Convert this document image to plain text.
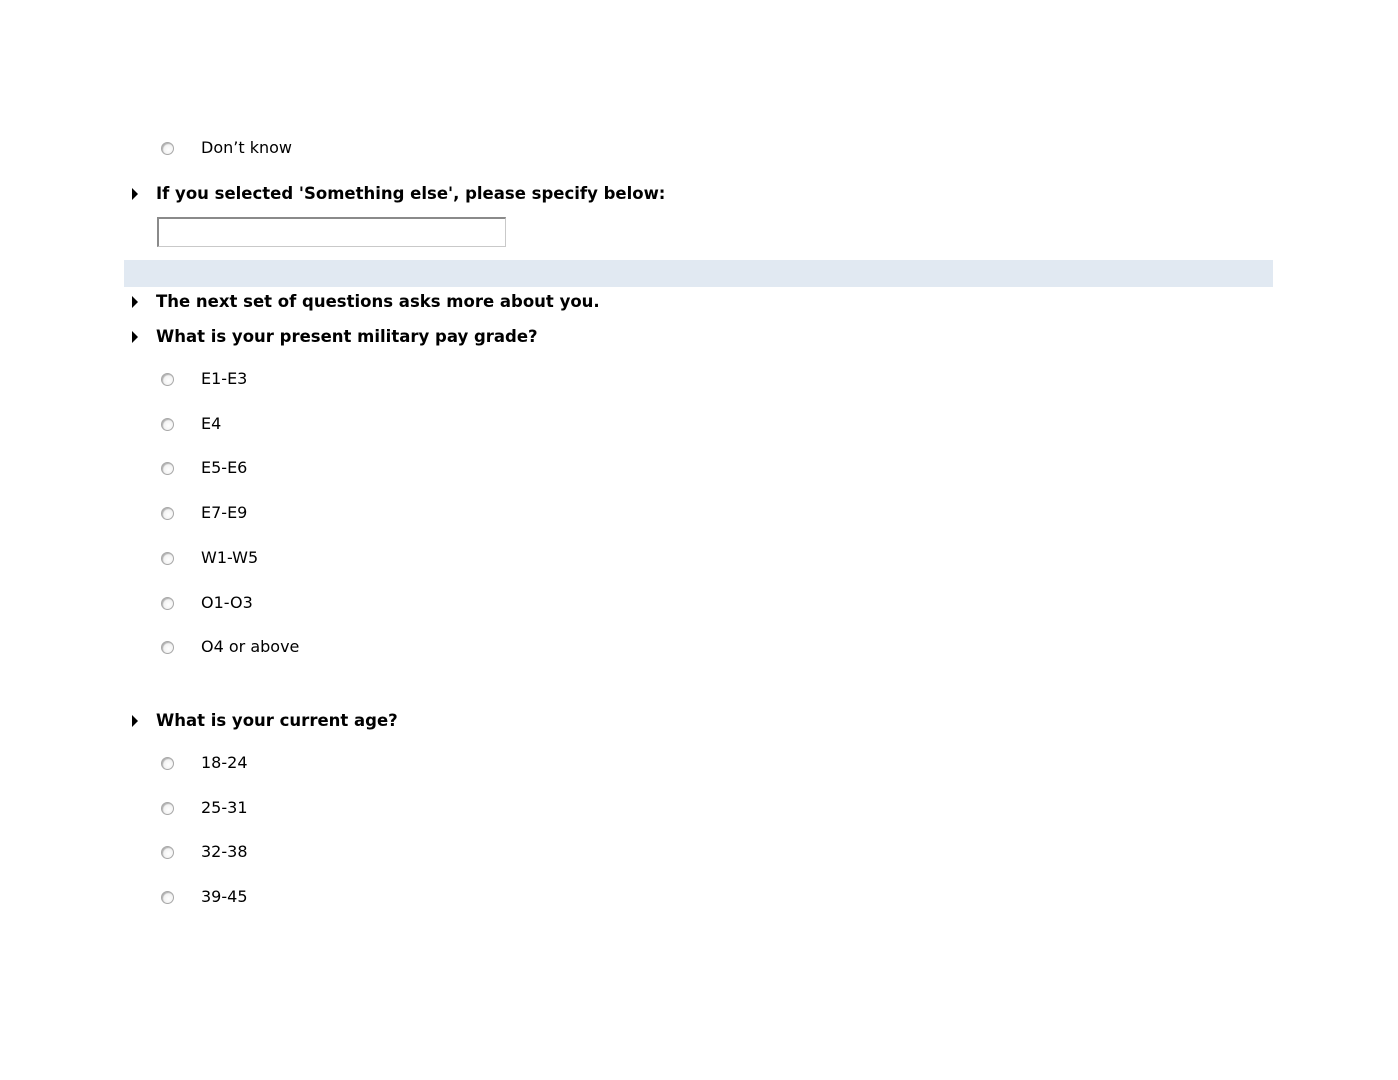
Don’t know
If you selected 'Something else', please specify below:
The next set of questions asks more about you.
What is your present military pay grade?
E1-E3
E4
E5-E6
E7-E9
W1-W5
O1-O3
O4 or above
What is your current age?
18-24
25-31
32-38
39-45
